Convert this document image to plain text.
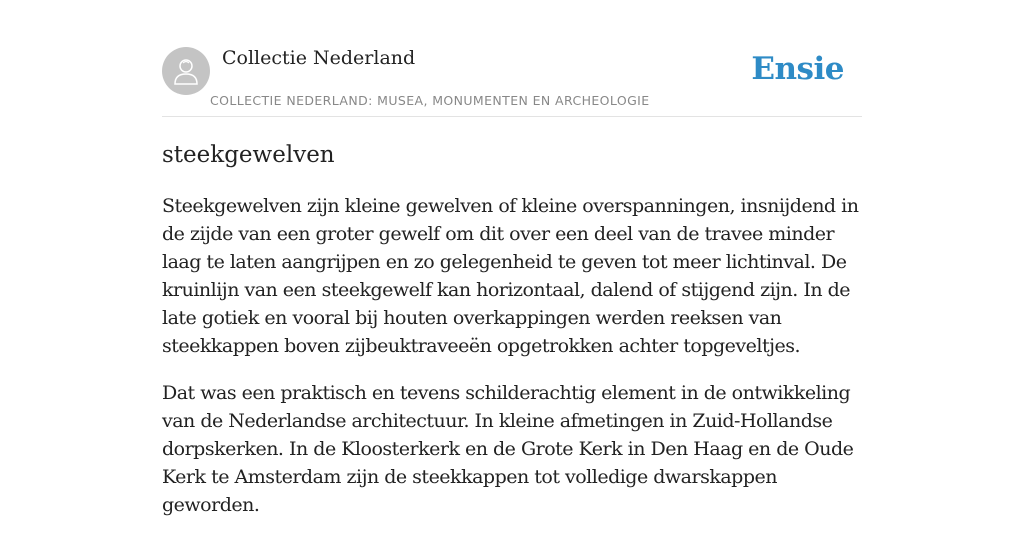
Collectie Nederland
COLLECTIE NEDERLAND: MUSEA, MONUMENTEN EN ARCHEOLOGIE
Ensie
steekgewelven

Steekgewelven zijn kleine gewelven of kleine overspanningen, insnijdend in de zijde van een groter gewelf om dit over een deel van de travee minder laag te laten aangrijpen en zo gelegenheid te geven tot meer lichtinval. De kruinlijn van een steekgewelf kan horizontaal, dalend of stijgend zijn. In de late gotiek en vooral bij houten overkappingen werden reeksen van steekkappen boven zijbeuktraveeën opgetrokken achter topgeveltjes.

Dat was een praktisch en tevens schilderachtig element in de ontwikkeling van de Nederlandse architectuur. In kleine afmetingen in Zuid-Hollandse dorpskerken. In de Kloosterkerk en de Grote Kerk in Den Haag en de Oude Kerk te Amsterdam zijn de steekkappen tot volledige dwarskappen geworden.
